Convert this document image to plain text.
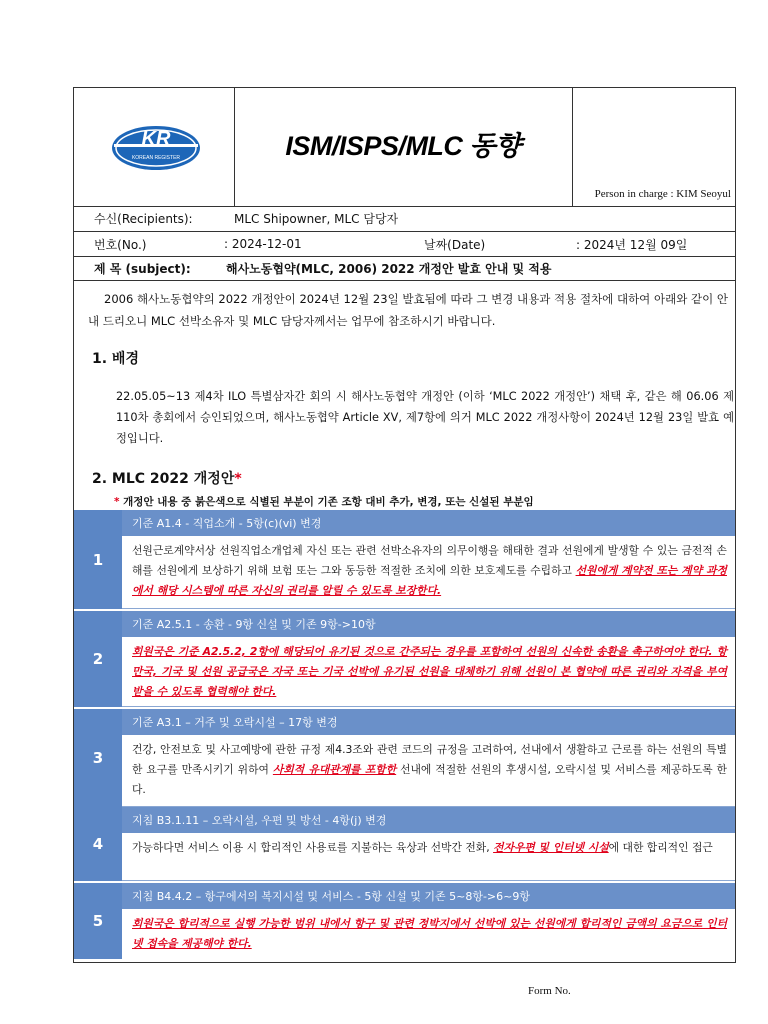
KR
KOREAN REGISTER	ISM/ISPS/MLC 동향
Person in charge : KIM Seoyul
수신(Recipients):	MLC Shipowner, MLC 담당자
번호(No.)	: 2024-12-01	날짜(Date)	: 2024년 12월 09일
제 목 (subject):	해사노동협약(MLC, 2006) 2022 개정안 발효 안내 및 적용

2006 해사노동협약의 2022 개정안이 2024년 12월 23일 발효됨에 따라 그 변경 내용과 적용 절차에 대하여 아래와 같이 안내 드리오니 MLC 선박소유자 및 MLC 담당자께서는 업무에 참조하시기 바랍니다.

1. 배경
22.05.05~13 제4차 ILO 특별삼자간 회의 시 해사노동협약 개정안 (이하 ‘MLC 2022 개정안’) 채택 후, 같은 해 06.06 제110차 총회에서 승인되었으며, 해사노동협약 Article XV, 제7항에 의거 MLC 2022 개정사항이 2024년 12월 23일 발효 예정입니다.
2. MLC 2022 개정안*
* 개정안 내용 중 붉은색으로 식별된 부분이 기존 조항 대비 추가, 변경, 또는 신설된 부분임
1
기준 A1.4 - 직업소개 - 5항(c)(vi) 변경
선원근로계약서상 선원직업소개업체 자신 또는 관련 선박소유자의 의무이행을 해태한 결과 선원에게 발생할 수 있는 금전적 손해를 선원에게 보상하기 위해 보험 또는 그와 동등한 적절한 조치에 의한 보호제도를 수립하고 선원에게 계약전 또는 계약 과정에서 해당 시스템에 따른 자신의 권리를 알릴 수 있도록 보장한다.
2
기준 A2.5.1 - 송환 - 9항 신설 및 기존 9항->10항
회원국은 기준 A2.5.2, 2항에 해당되어 유기된 것으로 간주되는 경우를 포함하여 선원의 신속한 송환을 촉구하여야 한다. 항만국, 기국 및 선원 공급국은 자국 또는 기국 선박에 유기된 선원을 대체하기 위해 선원이 본 협약에 따른 권리와 자격을 부여받을 수 있도록 협력해야 한다.
3
기준 A3.1 – 거주 및 오락시설 – 17항 변경
건강, 안전보호 및 사고예방에 관한 규정 제4.3조와 관련 코드의 규정을 고려하여, 선내에서 생활하고 근로를 하는 선원의 특별한 요구를 만족시키기 위하여 사회적 유대관계를 포함한 선내에 적절한 선원의 후생시설, 오락시설 및 서비스를 제공하도록 한다.
4
지침 B3.1.11 – 오락시설, 우편 및 방선 - 4항(j) 변경
가능하다면 서비스 이용 시 합리적인 사용료를 지불하는 육상과 선박간 전화, 전자우편 및 인터넷 시설에 대한 합리적인 접근
5
지침 B4.4.2 – 항구에서의 복지시설 및 서비스 - 5항 신설 및 기존 5~8항->6~9항
회원국은 합리적으로 실행 가능한 범위 내에서 항구 및 관련 정박지에서 선박에 있는 선원에게 합리적인 금액의 요금으로 인터넷 접속을 제공해야 한다.
Form No.
